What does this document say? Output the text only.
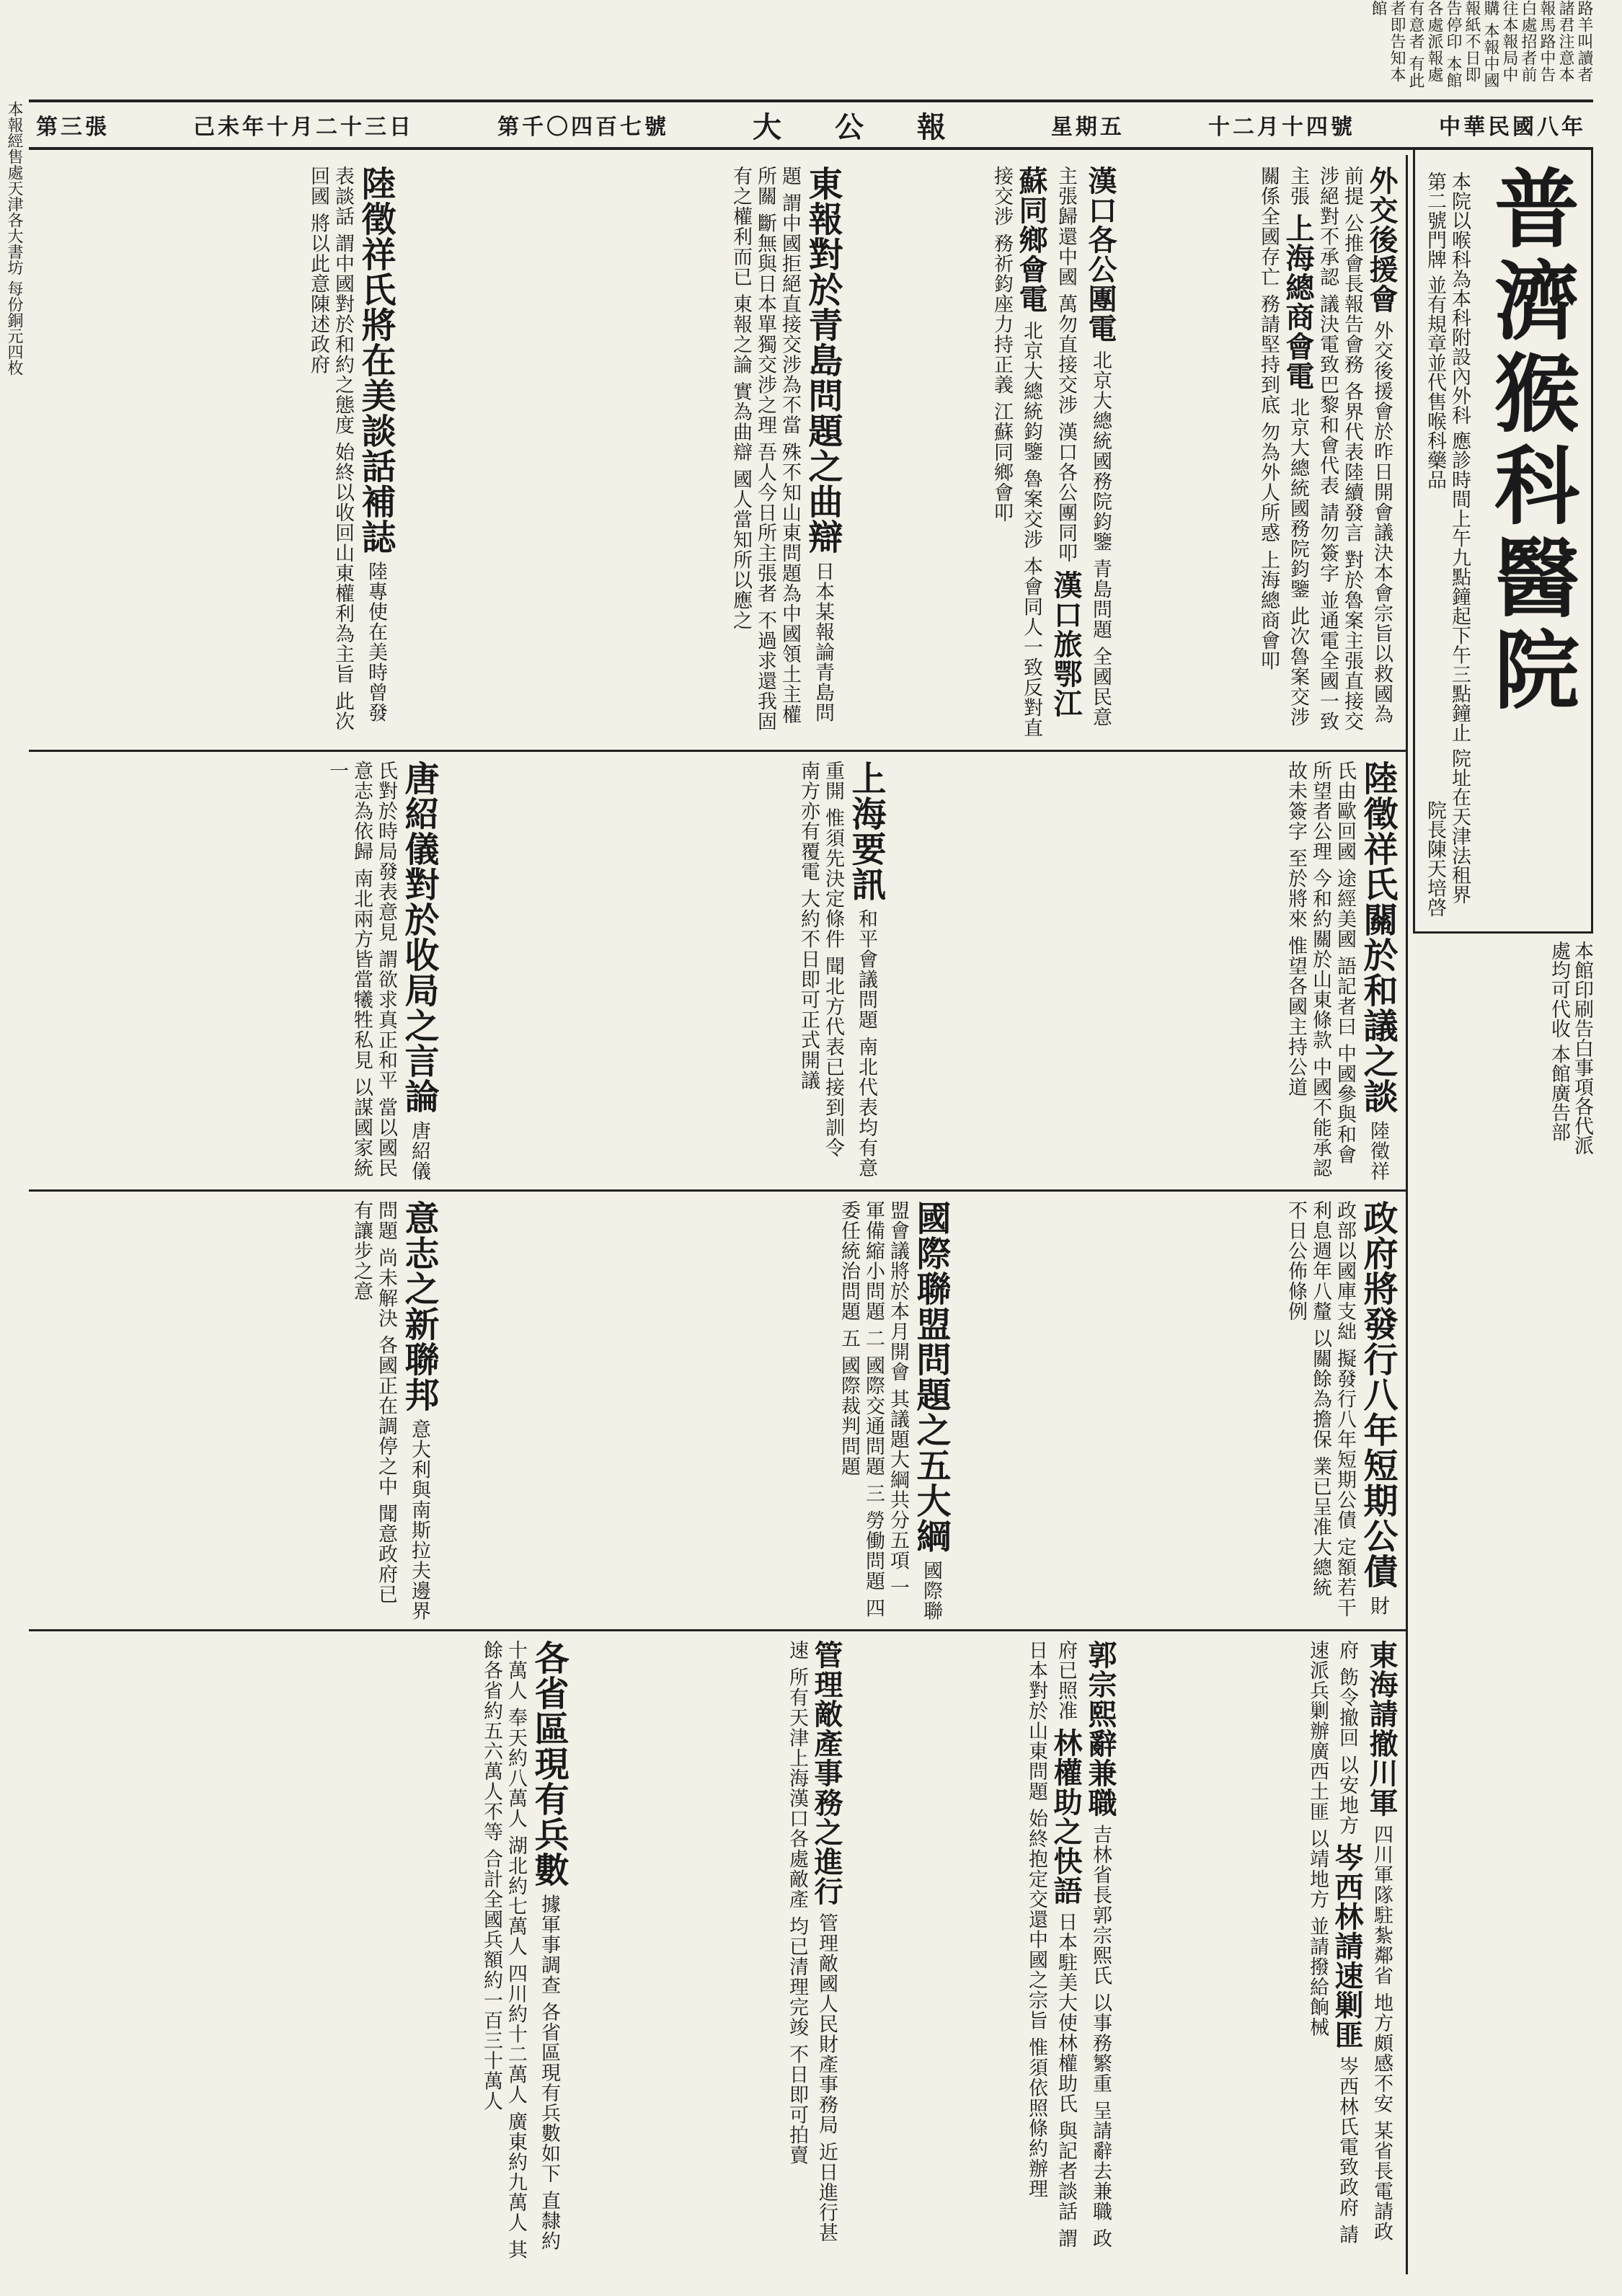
本報經售處天津各大書坊 每份銅元四枚	中華民國八年
十二月十四號
星期五
大 公 報
第千〇四百七號
己未年十月二十三日
第三張
路羊叫讀者諸君注意本報馬路中告白處招者前往本報局中購 本報中國報紙不日即告停印 本館各處派報處有意者 有此者即告知本館
普濟猴科醫院
本院以喉科為本科附設內外科 應診時間上午九點鐘起下午三點鐘止 院址在天津法租界第二號門牌 並有規章並代售喉科藥品
院長陳天培啓
本館印刷告白事項各代派處均可代收 本館廣告部
外交後援會 外交後援會於昨日開會議決本會宗旨以救國為前提 公推會長報告會務 各界代表陸續發言 對於魯案主張直接交涉絕對不承認 議決電致巴黎和會代表 請勿簽字 並通電全國一致主張 上海總商會電 北京大總統國務院鈞鑒 此次魯案交涉關係全國存亡 務請堅持到底 勿為外人所惑 上海總商會叩
漢口各公團電 北京大總統國務院鈞鑒 青島問題 全國民意主張歸還中國 萬勿直接交涉 漢口各公團同叩 漢口旅鄂江蘇同鄉會電 北京大總統鈞鑒 魯案交涉 本會同人一致反對直接交涉 務祈鈞座力持正義 江蘇同鄉會叩
東報對於青島問題之曲辯 日本某報論青島問題 謂中國拒絕直接交涉為不當 殊不知山東問題為中國領土主權所關 斷無與日本單獨交涉之理 吾人今日所主張者 不過求還我固有之權利而已 東報之論 實為曲辯 國人當知所以應之
陸徵祥氏將在美談話補誌 陸專使在美時曾發表談話 謂中國對於和約之態度 始終以收回山東權利為主旨 此次回國 將以此意陳述政府
陸徵祥氏關於和議之談 陸徵祥氏由歐回國 途經美國 語記者曰 中國參與和會 所望者公理 今和約關於山東條款 中國不能承認 故未簽字 至於將來 惟望各國主持公道
上海要訊 和平會議問題 南北代表均有意重開 惟須先決定條件 聞北方代表已接到訓令 南方亦有覆電 大約不日即可正式開議
唐紹儀對於收局之言論 唐紹儀氏對於時局發表意見 謂欲求真正和平 當以國民意志為依歸 南北兩方皆當犧牲私見 以謀國家統一
政府將發行八年短期公債 財政部以國庫支絀 擬發行八年短期公債 定額若干 利息週年八釐 以關餘為擔保 業已呈准大總統 不日公佈條例
國際聯盟問題之五大綱 國際聯盟會議將於本月開會 其議題大綱共分五項 一 軍備縮小問題 二 國際交通問題 三 勞働問題 四 委任統治問題 五 國際裁判問題
意志之新聯邦 意大利與南斯拉夫邊界問題 尚未解決 各國正在調停之中 聞意政府已有讓步之意
東海請撤川軍 四川軍隊駐紮鄰省 地方頗感不安 某省長電請政府 飭令撤回 以安地方 岑西林請速剿匪 岑西林氏電致政府 請速派兵剿辦廣西土匪 以靖地方 並請撥給餉械
郭宗熙辭兼職 吉林省長郭宗熙氏 以事務繁重 呈請辭去兼職 政府已照准 林權助之快語 日本駐美大使林權助氏 與記者談話 謂日本對於山東問題 始終抱定交還中國之宗旨 惟須依照條約辦理
管理敵產事務之進行 管理敵國人民財產事務局 近日進行甚速 所有天津上海漢口各處敵產 均已清理完竣 不日即可拍賣
各省區現有兵數 據軍事調查 各省區現有兵數如下 直隸約十萬人 奉天約八萬人 湖北約七萬人 四川約十二萬人 廣東約九萬人 其餘各省約五六萬人不等 合計全國兵額約一百三十萬人
